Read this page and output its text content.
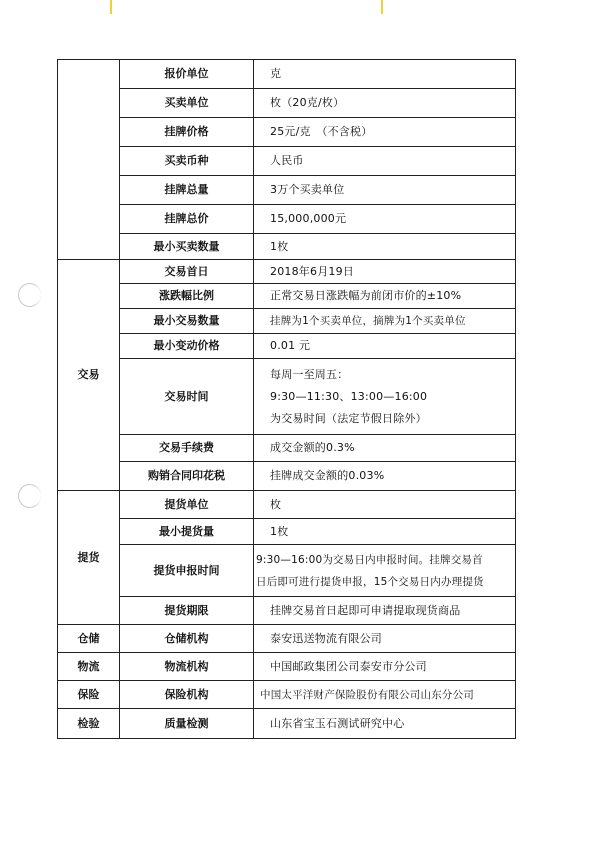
	报价单位	克
	买卖单位	枚（20克/枚）
	挂牌价格	25元/克　（不含税）
	买卖币种	人民币
	挂牌总量	3万个买卖单位
	挂牌总价	15,000,000元
	最小买卖数量	1枚
交易	交易首日	2018年6月19日
	涨跌幅比例	正常交易日涨跌幅为前闭市价的±10%
	最小交易数量	挂牌为1个买卖单位，摘牌为1个买卖单位
	最小变动价格	0.01 元
	交易时间	每周一至周五：
9:30—11:30、13:00—16:00
为交易时间（法定节假日除外）

	交易手续费	成交金额的0.3%
	购销合同印花税	挂牌成交金额的0.03%
提货	提货单位	枚
	最小提货量	1枚
	提货申报时间	9:30—16:00为交易日内申报时间。挂牌交易首
日后即可进行提货申报，15个交易日内办理提货

	提货期限	挂牌交易首日起即可申请提取现货商品
仓储	仓储机构	泰安迅送物流有限公司
物流	物流机构	中国邮政集团公司泰安市分公司
保险	保险机构	中国太平洋财产保险股份有限公司山东分公司
检验	质量检测	山东省宝玉石测试研究中心
